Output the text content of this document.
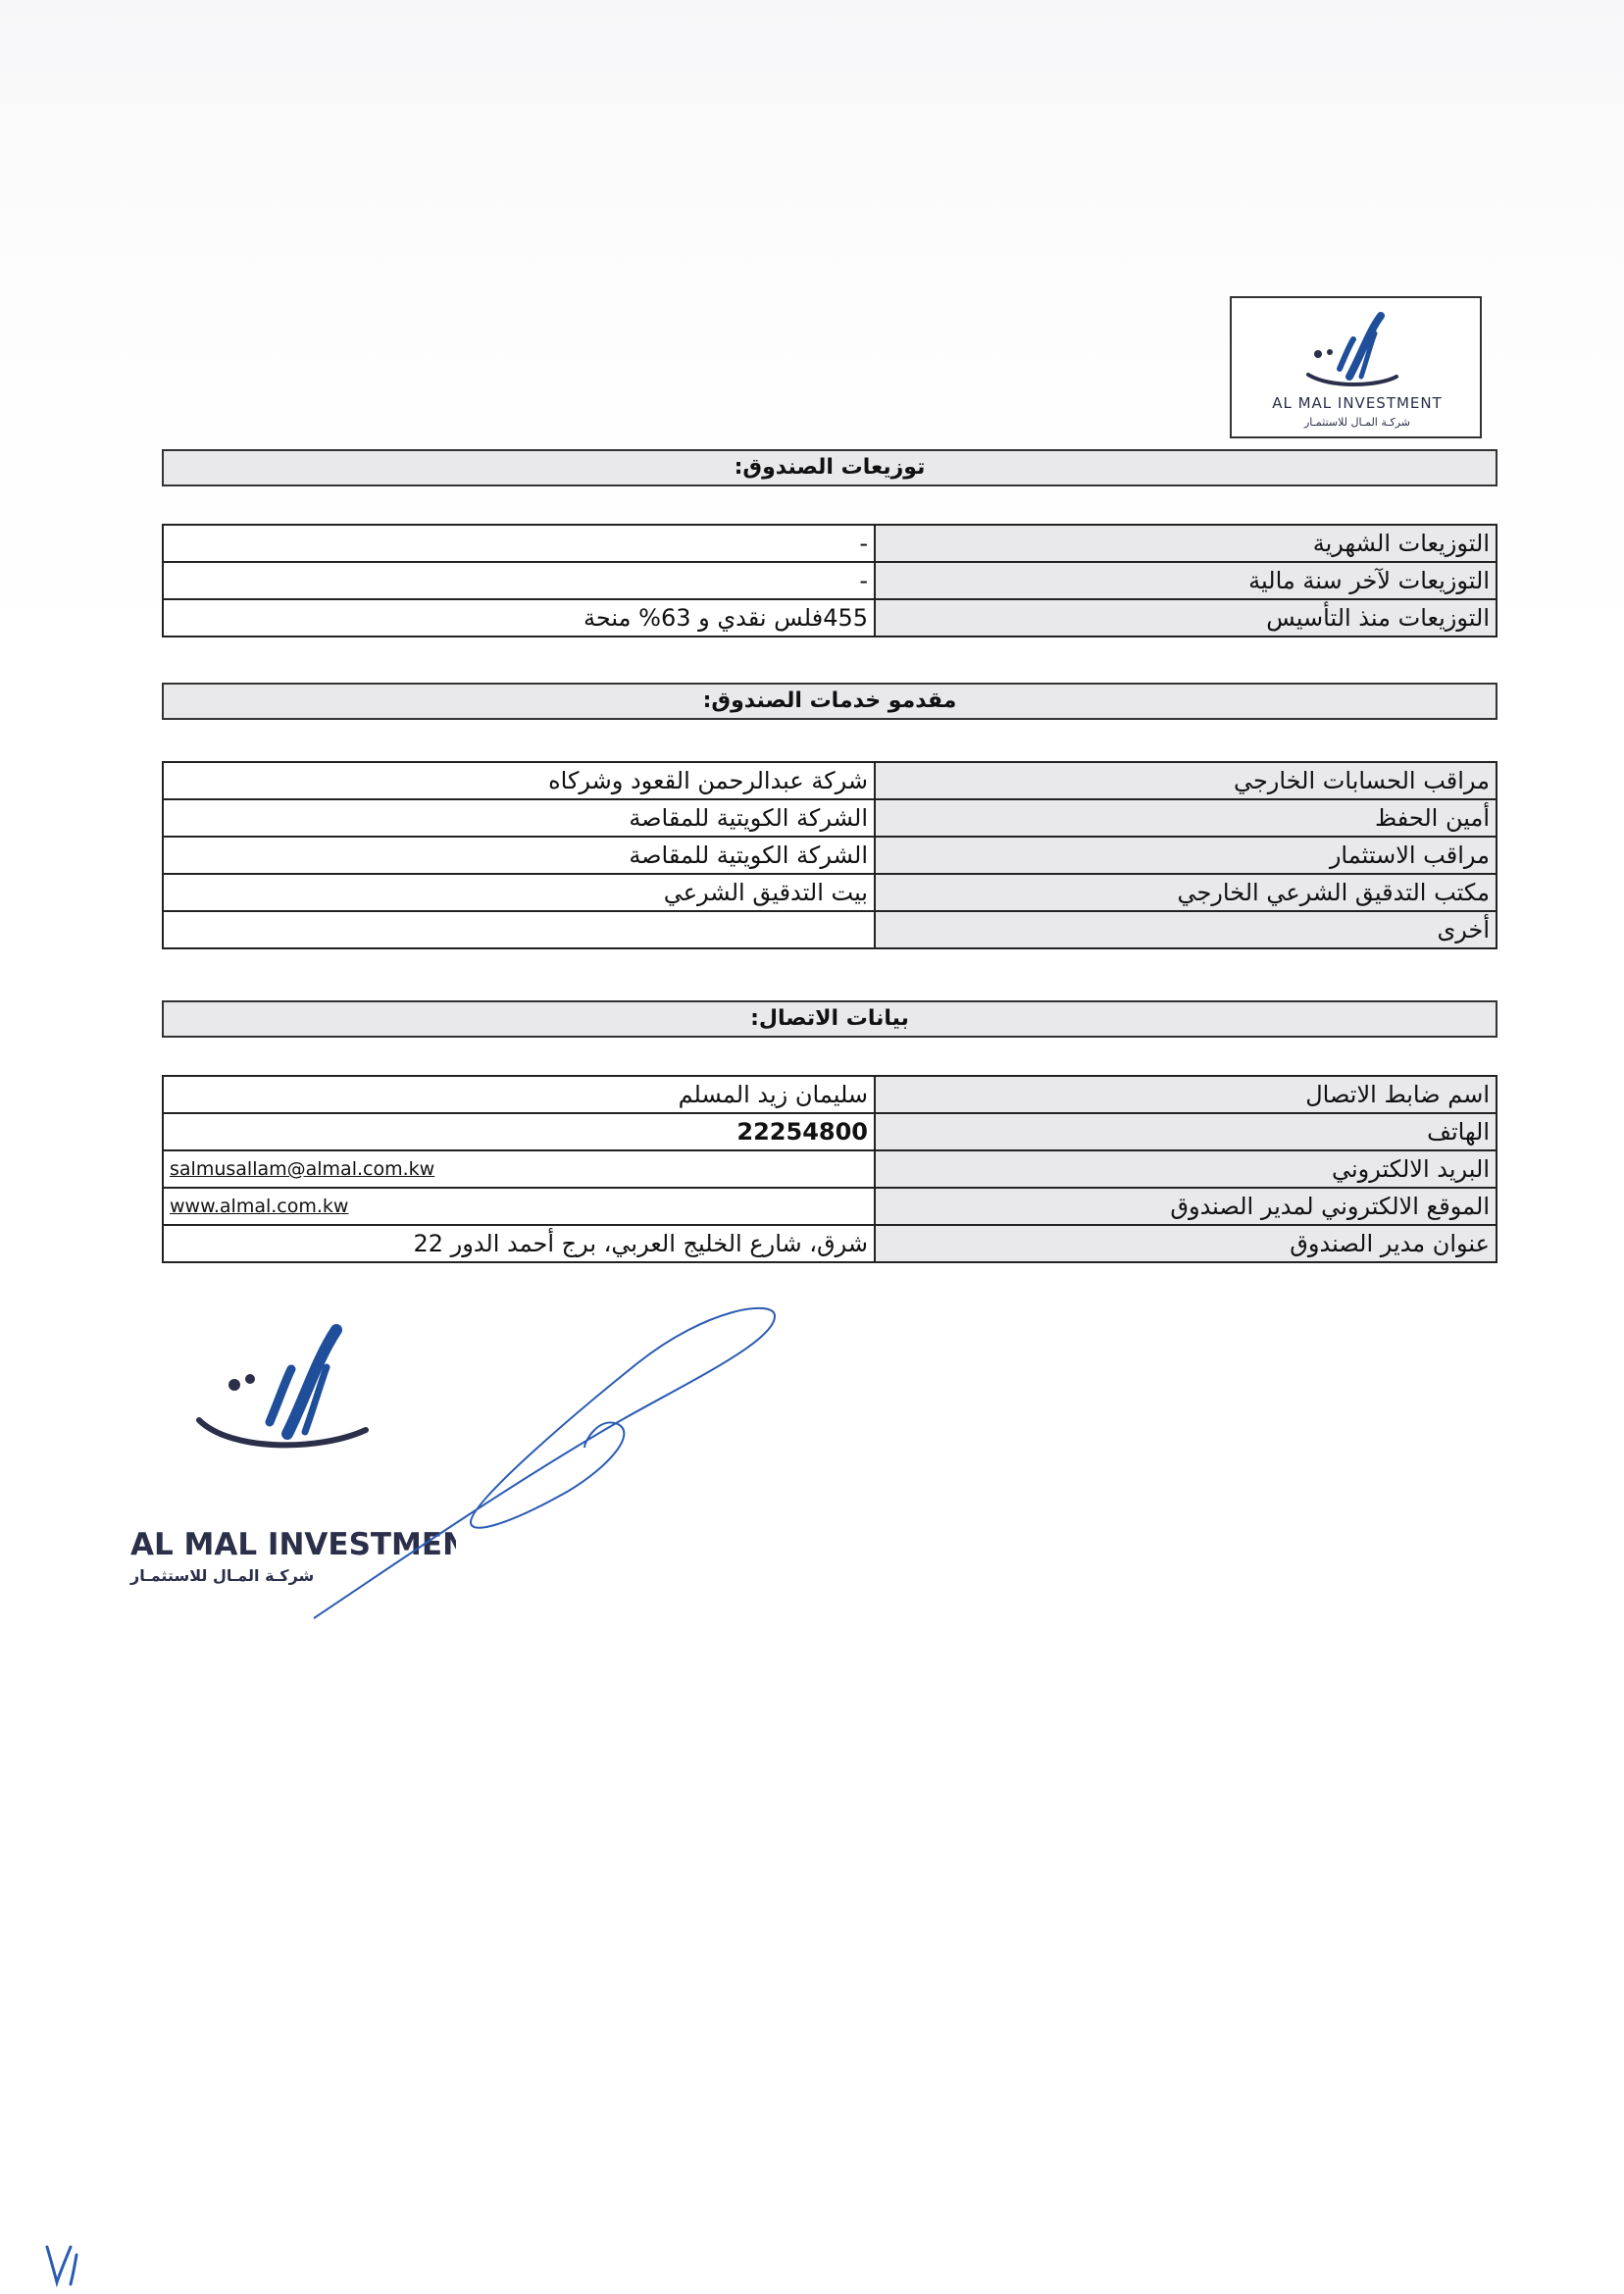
AL MAL INVESTMENT
شركـة المـال للاستثمـار
توزيعات الصندوق:
التوزيعات الشهرية	-
التوزيعات لآخر سنة مالية	-
التوزيعات منذ التأسيس	455فلس نقدي و 63% منحة
مقدمو خدمات الصندوق:
مراقب الحسابات الخارجي	شركة عبدالرحمن القعود وشركاه
أمين الحفظ	الشركة الكويتية للمقاصة
مراقب الاستثمار	الشركة الكويتية للمقاصة
مكتب التدقيق الشرعي الخارجي	بيت التدقيق الشرعي
أخرى	
بيانات الاتصال:
اسم ضابط الاتصال	سليمان زيد المسلم
الهاتف	22254800
البريد الالكتروني	salmusallam@almal.com.kw
الموقع الالكتروني لمدير الصندوق	www.almal.com.kw
عنوان مدير الصندوق	شرق، شارع الخليج العربي، برج أحمد الدور 22
AL MAL INVESTMENT
شركـة المـال للاستثمـار
